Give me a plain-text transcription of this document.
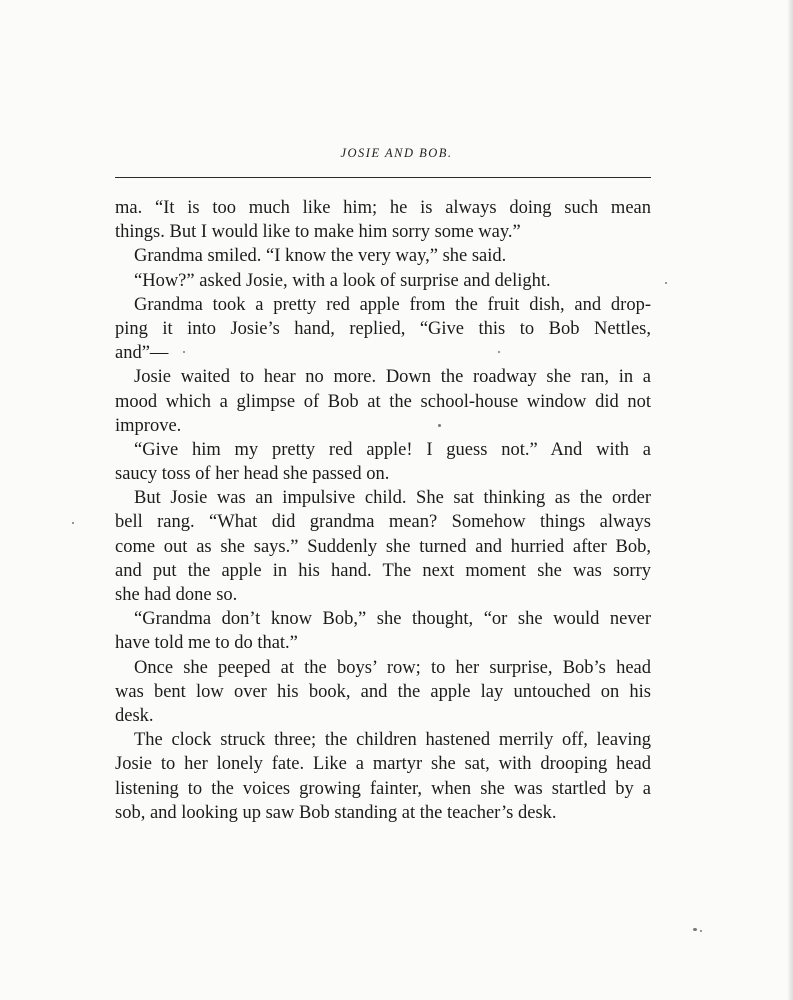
JOSIE AND BOB.
ma. “It is too much like him; he is always doing such mean
things. But I would like to make him sorry some way.”
Grandma smiled. “I know the very way,” she said.
“How?” asked Josie, with a look of surprise and delight.
Grandma took a pretty red apple from the fruit dish, and drop-
ping it into Josie’s hand, replied, “Give this to Bob Nettles,
and”—
Josie waited to hear no more. Down the roadway she ran, in a
mood which a glimpse of Bob at the school-house window did not
improve.
“Give him my pretty red apple! I guess not.” And with a
saucy toss of her head she passed on.
But Josie was an impulsive child. She sat thinking as the order
bell rang. “What did grandma mean? Somehow things always
come out as she says.” Suddenly she turned and hurried after Bob,
and put the apple in his hand. The next moment she was sorry
she had done so.
“Grandma don’t know Bob,” she thought, “or she would never
have told me to do that.”
Once she peeped at the boys’ row; to her surprise, Bob’s head
was bent low over his book, and the apple lay untouched on his
desk.
The clock struck three; the children hastened merrily off, leaving
Josie to her lonely fate. Like a martyr she sat, with drooping head
listening to the voices growing fainter, when she was startled by a
sob, and looking up saw Bob standing at the teacher’s desk.
